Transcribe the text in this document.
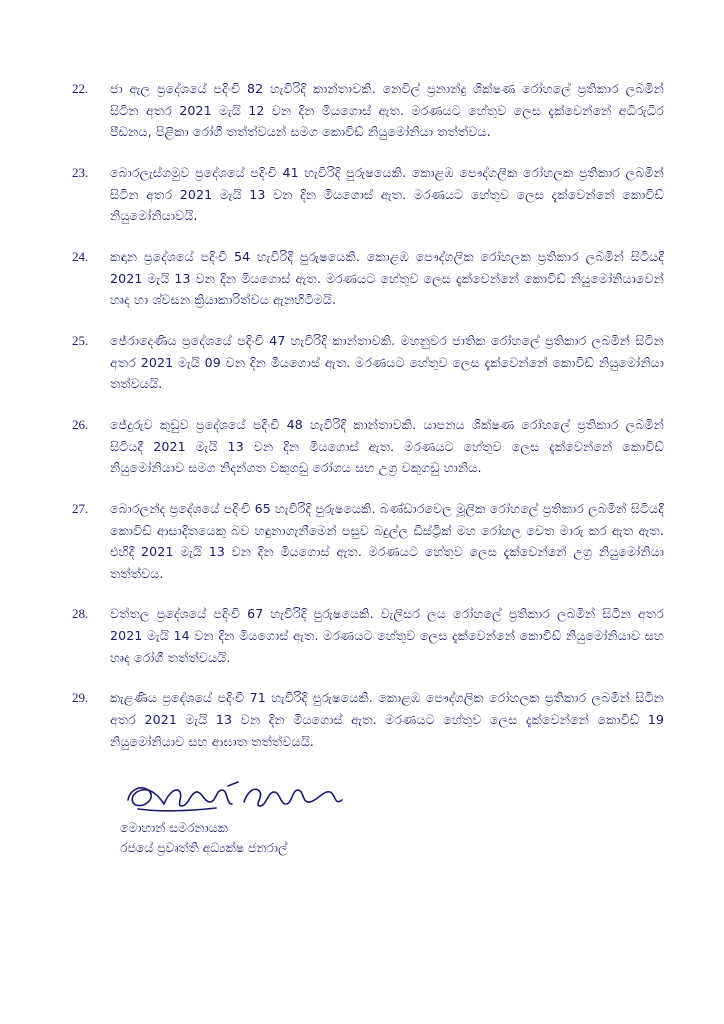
22.	ජා ඇල ප්‍රදේශයේ පදිංචි 82 හැවිරිදි කාන්තාවකි. නෙවිල් ප්‍රනාන්දු ශික්ෂණ රෝහලේ ප්‍රතිකාර ලබමින් සිටින අතර 2021 මැයි 12 වන දින මියගොස් ඇත. මරණයට හේතුව ලෙස දැක්වෙන්නේ අධිරුධිර පීඩනය, පිළිකා රෝගී තත්ත්වයන් සමග කොවිඩ් නියුමෝනියා තත්ත්වය.
23.	බොරලැස්ගමුව ප්‍රදේශයේ පදිංචි 41 හැවිරිදි පුරුෂයෙකි. කොළඹ පෞද්ගලික රෝහලක ප්‍රතිකාර ලබමින් සිටින අතර 2021 මැයි 13 වන දින මියගොස් ඇත. මරණයට හේතුව ලෙස දැක්වෙන්නේ කොවිඩ් නියුමෝනියාවයි.
24.	කඳාන ප්‍රදේශයේ පදිංචි 54 හැවිරිදි පුරුෂයෙකි. කොළඹ පෞද්ගලික රෝහලක ප්‍රතිකාර ලබමින් සිටියදී 2021 මැයි 13 වන දින මියගොස් ඇත. මරණයට හේතුව ලෙස දැක්වෙන්නේ කොවිඩ් නියුමෝනියාවෙන් හෘද හා ශ්වසන ක්‍රියාකාරිත්වය ඇනහිටීමයි.
25.	ජේරාදෙණිය ප්‍රදේශයේ පදිංචි 47 හැවිරිදි කාන්තාවකි. මහනුවර ජාතික රෝහලේ ප්‍රතිකාර ලබමින් සිටින අතර 2021 මැයි 09 වන දින මියගොස් ඇත. මරණයට හේතුව ලෙස දැක්වෙන්නේ කොවිඩ් නියුමෝනියා තත්වයයි.
26.	ජේදුරුව කුඩුව ප්‍රදේශයේ පදිංචි 48 හැවිරිදි කාන්තාවකි. යාපනය ශික්ෂණ රෝහලේ ප්‍රතිකාර ලබමින් සිටියදී 2021 මැයි 13 වන දින මියගොස් ඇත. මරණයට හේතුව ලෙස දැක්වෙන්නේ කොවිඩ් නියුමෝනියාව සමග නිදන්ගත වකුගඩු රෝගය සහ උග්‍ර වකුගඩු හානිය.
27.	බොරලන්ද ප්‍රදේශයේ පදිංචි 65 හැවිරිදි පුරුෂයෙකි. බණ්ඩාරවෙල මූලික රෝහලේ ප්‍රතිකාර ලබමින් සිටියදී කොවිඩ් ආසාදිතයෙකු බව හඳුනාගැනීමෙන් පසුව බදුල්ල ඩිස්ට්‍රික් මහ රෝහල වෙත මාරු කර ඇත ඇත. එහිදී 2021 මැයි 13 වන දින මියගොස් ඇත. මරණයට හේතුව ලෙස දැක්වෙන්නේ උග්‍ර නියුමෝනියා තත්ත්වය.
28.	වත්තල ප්‍රදේශයේ පදිංචි 67 හැවිරිදි පුරුෂයෙකි. වැලිසර ලය රෝහලේ ප්‍රතිකාර ලබමින් සිටින අතර 2021 මැයි 14 වන දින මියගොස් ඇත. මරණයට හේතුව ලෙස දැක්වෙන්නේ කොවිඩ් නියුමෝනියාව සහ හෘද රෝගී තත්ත්වයයි.
29.	කැළණිය ප්‍රදේශයේ පදිංචි 71 හැවිරිදි පුරුෂයෙකි. කොළඹ පෞද්ගලික රෝහලක ප්‍රතිකාර ලබමින් සිටින අතර 2021 මැයි 13 වන දින මියගොස් ඇත. මරණයට හේතුව ලෙස දැක්වෙන්නේ කොවිඩ් 19 නියුමෝනියාව සහ ආඝාත තත්ත්වයයි.
මොහාන් සමරනායක
රජයේ ප්‍රවෘත්ති අධ්‍යක්ෂ ජනරාල්
